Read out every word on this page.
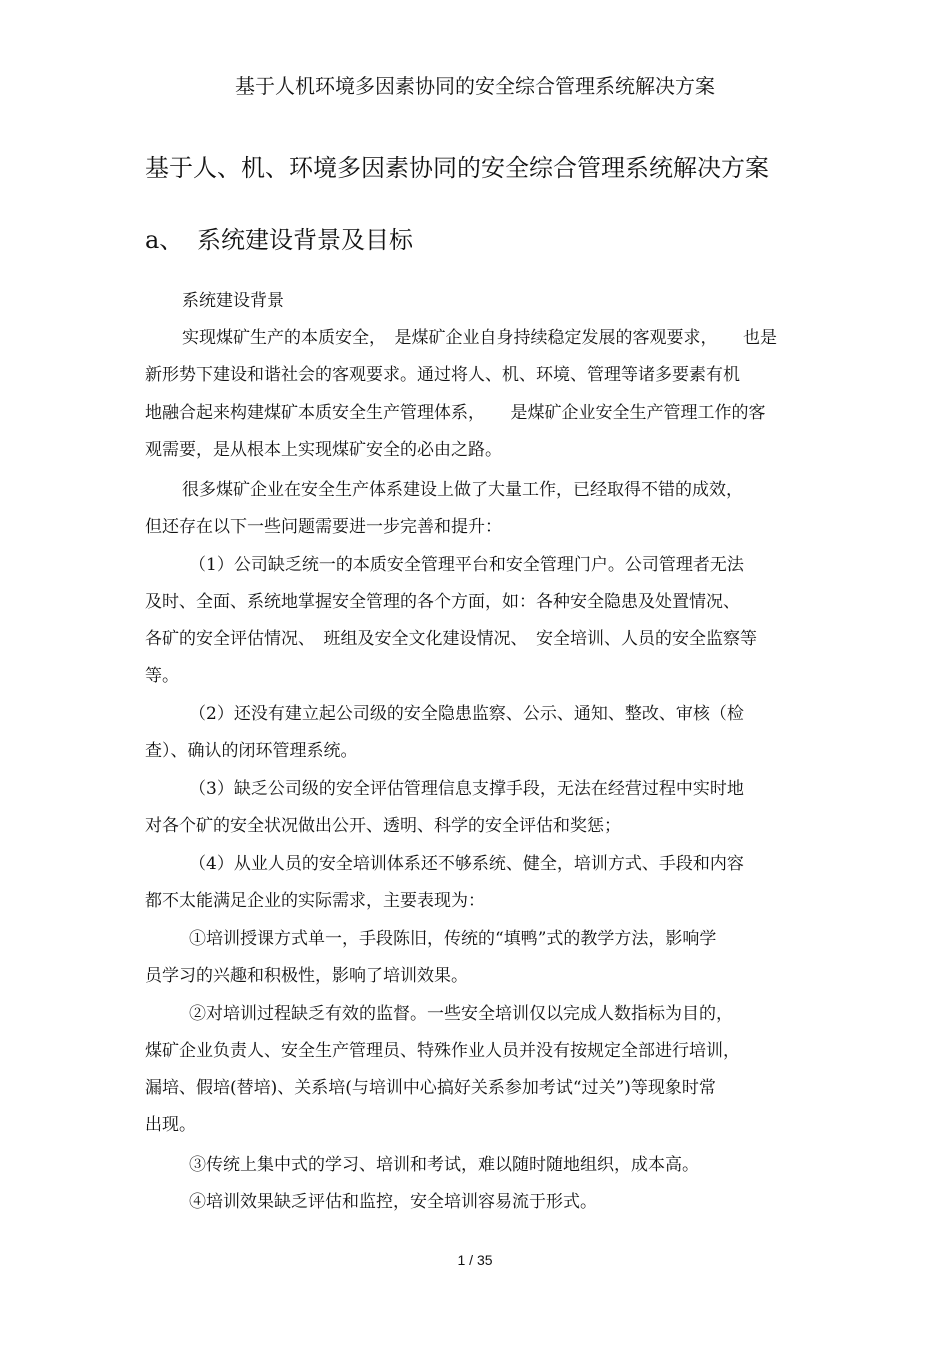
基于人机环境多因素协同的安全综合管理系统解决方案
基于人、机、环境多因素协同的安全综合管理系统解决方案
a、 系统建设背景及目标
系统建设背景
实现煤矿生产的本质安全，　是煤矿企业自身持续稳定发展的客观要求，　　也是
新形势下建设和谐社会的客观要求。通过将人、机、环境、管理等诸多要素有机
地融合起来构建煤矿本质安全生产管理体系，　　是煤矿企业安全生产管理工作的客
观需要，是从根本上实现煤矿安全的必由之路。
很多煤矿企业在安全生产体系建设上做了大量工作，已经取得不错的成效，
但还存在以下一些问题需要进一步完善和提升：
（1）公司缺乏统一的本质安全管理平台和安全管理门户。公司管理者无法
及时、全面、系统地掌握安全管理的各个方面，如：各种安全隐患及处置情况、
各矿的安全评估情况、　班组及安全文化建设情况、　安全培训、人员的安全监察等
等。
（2）还没有建立起公司级的安全隐患监察、公示、通知、整改、审核（检
查）、确认的闭环管理系统。
（3）缺乏公司级的安全评估管理信息支撑手段，无法在经营过程中实时地
对各个矿的安全状况做出公开、透明、科学的安全评估和奖惩；
（4）从业人员的安全培训体系还不够系统、健全，培训方式、手段和内容
都不太能满足企业的实际需求，主要表现为：
①培训授课方式单一，手段陈旧，传统的“填鸭”式的教学方法，影响学
员学习的兴趣和积极性，影响了培训效果。
②对培训过程缺乏有效的监督。一些安全培训仅以完成人数指标为目的，
煤矿企业负责人、安全生产管理员、特殊作业人员并没有按规定全部进行培训，
漏培、假培(替培)、关系培(与培训中心搞好关系参加考试“过关”)等现象时常
出现。
③传统上集中式的学习、培训和考试，难以随时随地组织，成本高。
④培训效果缺乏评估和监控，安全培训容易流于形式。
1 / 35
